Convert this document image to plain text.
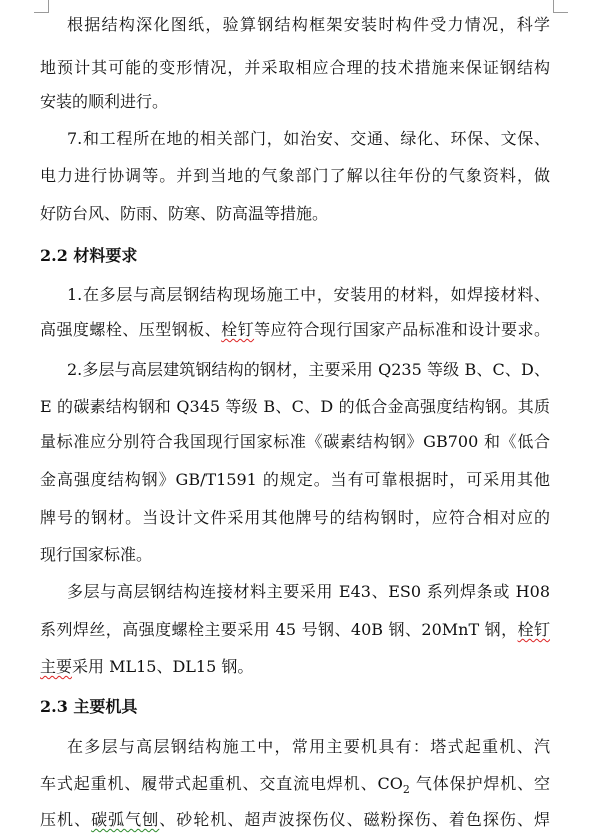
根据结构深化图纸，验算钢结构框架安装时构件受力情况，科学
地预计其可能的变形情况，并采取相应合理的技术措施来保证钢结构
安装的顺利进行。
7.和工程所在地的相关部门，如治安、交通、绿化、环保、文保、
电力进行协调等。并到当地的气象部门了解以往年份的气象资料，做
好防台风、防雨、防寒、防高温等措施。
2.2 材料要求
1.在多层与高层钢结构现场施工中，安装用的材料，如焊接材料、
高强度螺栓、压型钢板、栓钉等应符合现行国家产品标准和设计要求。
2.多层与高层建筑钢结构的钢材，主要采用 Q235 等级 B、C、D、
E 的碳素结构钢和 Q345 等级 B、C、D 的低合金高强度结构钢。其质
量标准应分别符合我国现行国家标准《碳素结构钢》GB700 和《低合
金高强度结构钢》GB/T1591 的规定。当有可靠根据时，可采用其他
牌号的钢材。当设计文件采用其他牌号的结构钢时，应符合相对应的
现行国家标准。
多层与高层钢结构连接材料主要采用 E43、ES0 系列焊条或 H08
系列焊丝，高强度螺栓主要采用 45 号钢、40B 钢、20MnT 钢，栓钉
主要采用 ML15、DL15 钢。
2.3 主要机具
在多层与高层钢结构施工中，常用主要机具有：塔式起重机、汽
车式起重机、履带式起重机、交直流电焊机、$CO_2$ 气体保护焊机、空
压机、碳弧气刨、砂轮机、超声波探伤仪、磁粉探伤、着色探伤、焊
